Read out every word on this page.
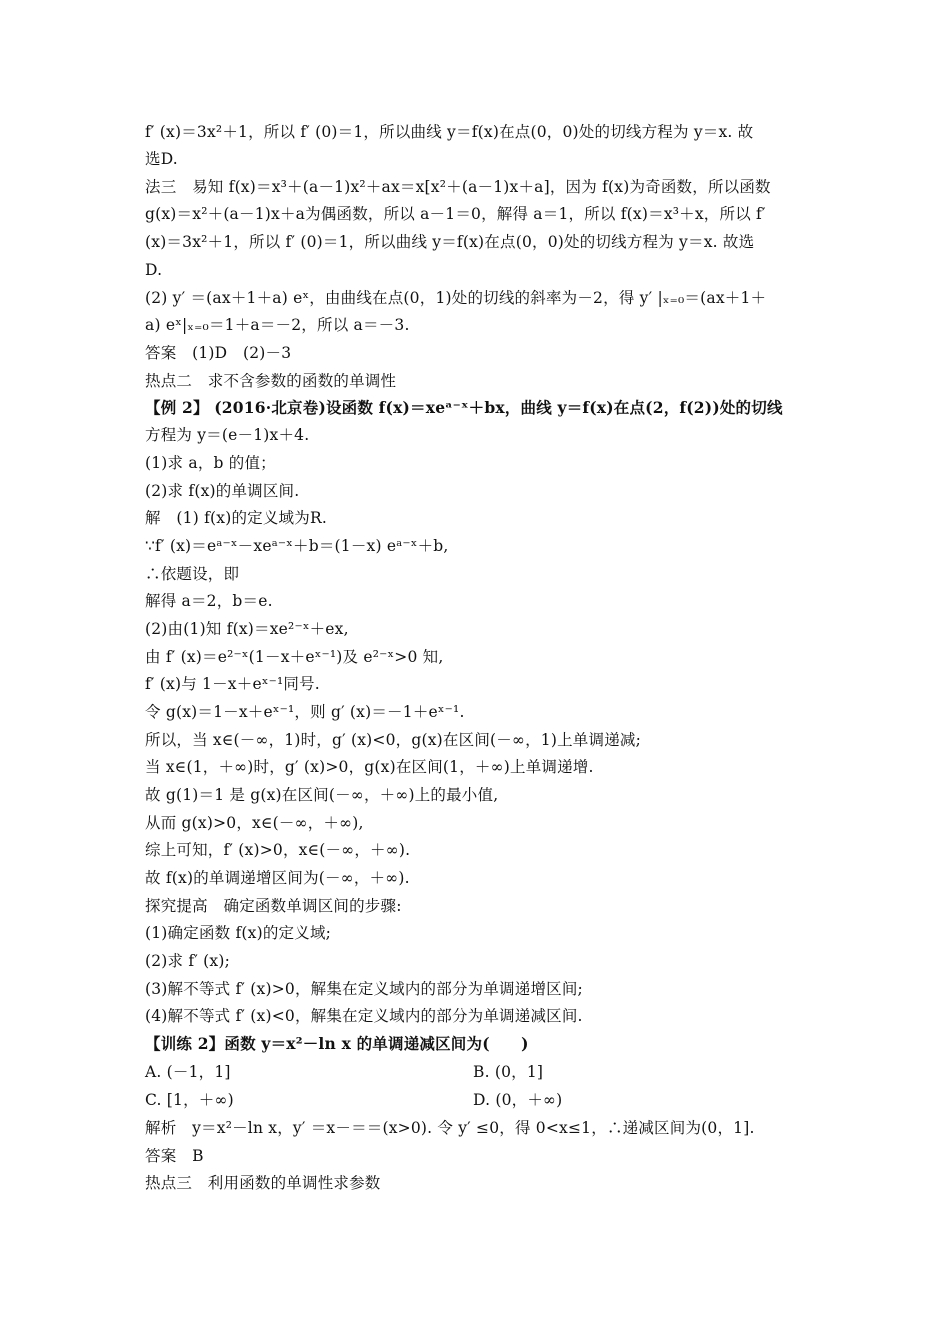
f′ (x)＝3x²＋1，所以 f′ (0)＝1，所以曲线 y＝f(x)在点(0，0)处的切线方程为 y＝x. 故
选D.
法三　易知 f(x)＝x³＋(a－1)x²＋ax＝x[x²＋(a－1)x＋a]，因为 f(x)为奇函数，所以函数
g(x)＝x²＋(a－1)x＋a为偶函数，所以 a－1＝0，解得 a＝1，所以 f(x)＝x³＋x，所以 f′
(x)＝3x²＋1，所以 f′ (0)＝1，所以曲线 y＝f(x)在点(0，0)处的切线方程为 y＝x. 故选
D.
(2) y′ ＝(ax＋1＋a) eˣ，由曲线在点(0，1)处的切线的斜率为－2，得 y′ |ₓ₌₀＝(ax＋1＋
a) eˣ|ₓ₌₀＝1＋a＝－2，所以 a＝－3.
答案　(1)D　(2)－3
热点二　求不含参数的函数的单调性
【例 2】 (2016·北京卷)设函数 f(x)＝xeᵃ⁻ˣ＋bx，曲线 y＝f(x)在点(2，f(2))处的切线
方程为 y＝(e－1)x＋4.
(1)求 a，b 的值；
(2)求 f(x)的单调区间.
解　(1) f(x)的定义域为R.
∵f′ (x)＝eᵃ⁻ˣ－xeᵃ⁻ˣ＋b＝(1－x) eᵃ⁻ˣ＋b,
∴依题设，即
解得 a＝2，b＝e.
(2)由(1)知 f(x)＝xe²⁻ˣ＋ex,
由 f′ (x)＝e²⁻ˣ(1－x＋eˣ⁻¹)及 e²⁻ˣ>0 知,
f′ (x)与 1－x＋eˣ⁻¹同号.
令 g(x)＝1－x＋eˣ⁻¹，则 g′ (x)＝－1＋eˣ⁻¹.
所以，当 x∈(－∞，1)时，g′ (x)<0，g(x)在区间(－∞，1)上单调递减;
当 x∈(1，＋∞)时，g′ (x)>0，g(x)在区间(1，＋∞)上单调递增.
故 g(1)＝1 是 g(x)在区间(－∞，＋∞)上的最小值,
从而 g(x)>0，x∈(－∞，＋∞),
综上可知，f′ (x)>0，x∈(－∞，＋∞).
故 f(x)的单调递增区间为(－∞，＋∞).
探究提高　确定函数单调区间的步骤:
(1)确定函数 f(x)的定义域;
(2)求 f′ (x);
(3)解不等式 f′ (x)>0，解集在定义域内的部分为单调递增区间;
(4)解不等式 f′ (x)<0，解集在定义域内的部分为单调递减区间.
【训练 2】函数 y＝x²－ln x 的单调递减区间为(　　)
A. (－1，1]	B. (0，1]
C. [1，＋∞)	D. (0，＋∞)
解析　y＝x²－ln x，y′ ＝x－＝＝(x>0). 令 y′ ≤0，得 0<x≤1，∴递减区间为(0，1].
答案　B
热点三　利用函数的单调性求参数
